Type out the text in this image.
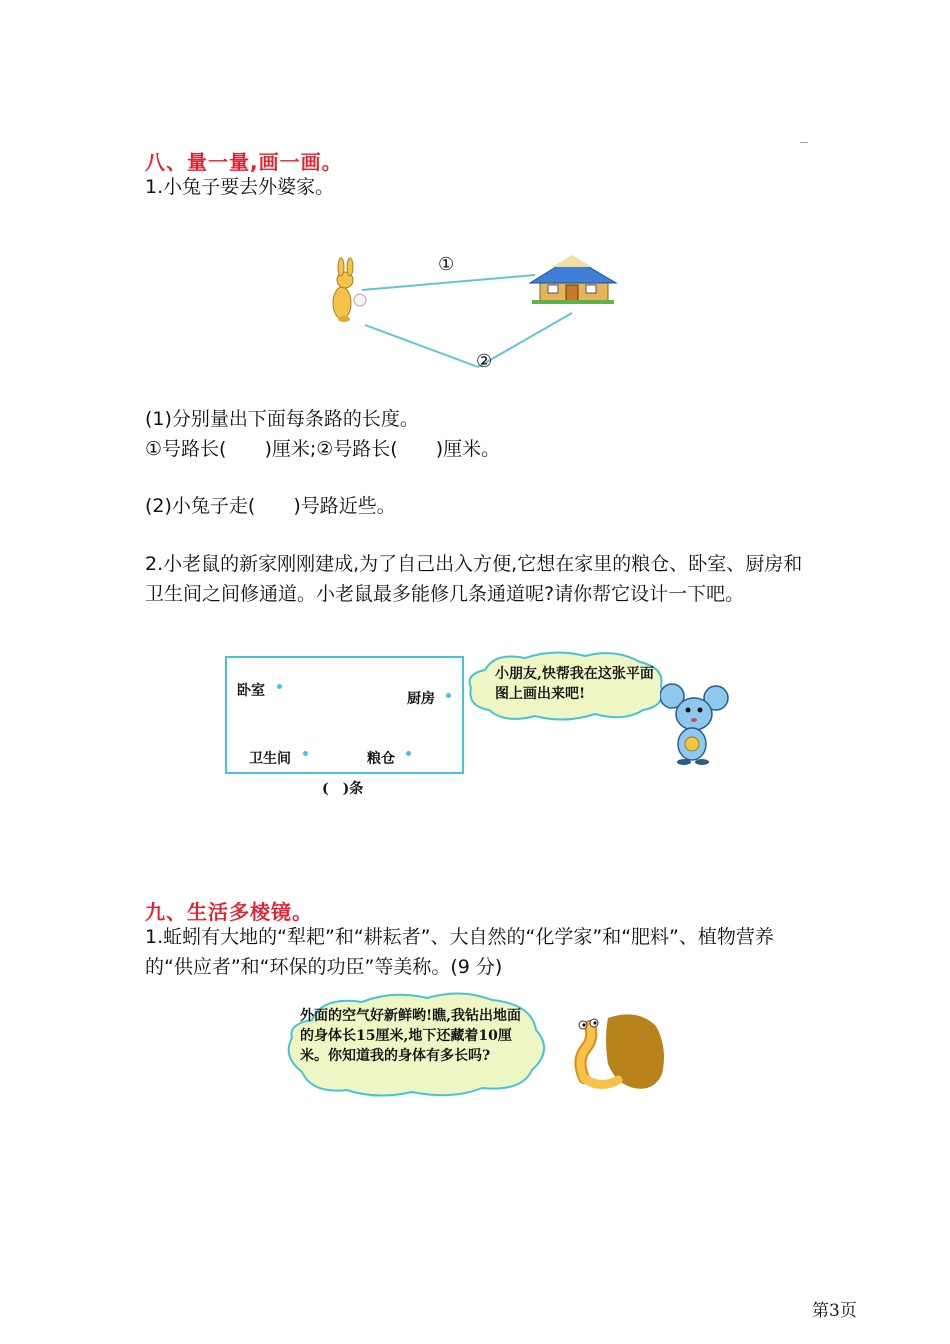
八、量一量,画一画。
1.小兔子要去外婆家。
①
②
(1)分别量出下面每条路的长度。
①号路长(　　)厘米;②号路长(　　)厘米。
(2)小兔子走(　　)号路近些。
2.小老鼠的新家刚刚建成,为了自己出入方便,它想在家里的粮仓、卧室、厨房和卫生间之间修通道。小老鼠最多能修几条通道呢?请你帮它设计一下吧。
卧室	厨房
卫生间	粮仓
(　)条
小朋友,快帮我在这张平面图上画出来吧!
九、生活多棱镜。
1.蚯蚓有大地的“犁耙”和“耕耘者”、大自然的“化学家”和“肥料”、植物营养的“供应者”和“环保的功臣”等美称。(9 分)
外面的空气好新鲜哟!瞧,我钻出地面的身体长15厘米,地下还藏着10厘米。你知道我的身体有多长吗?
第3页
